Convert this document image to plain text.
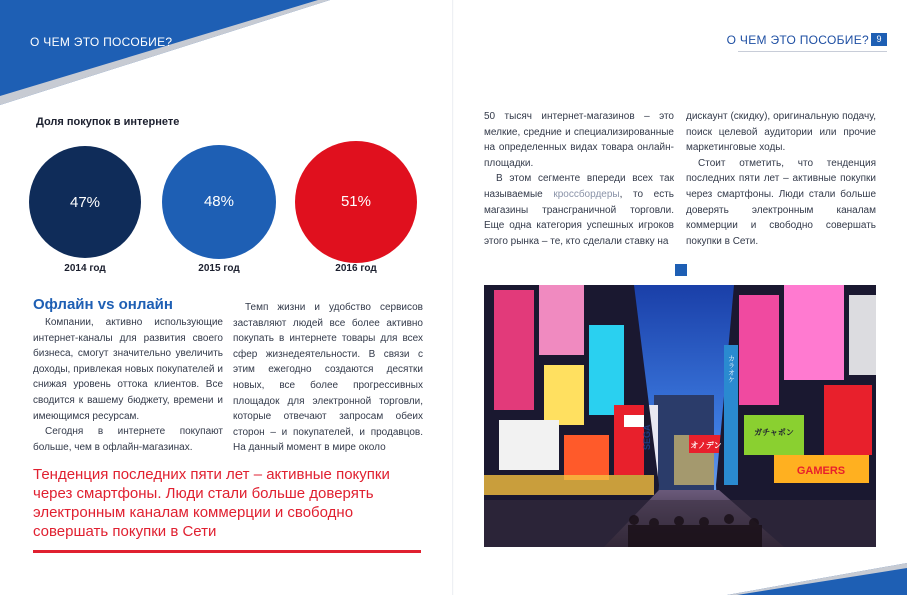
О ЧЕМ ЭТО ПОСОБИЕ?
Доля покупок в интернете
47%
2014 год
48%
2015 год
51%
2016 год
Офлайн vs онлайн

Компании, активно использующие интернет-каналы для развития своего бизнеса, смогут значительно увеличить доходы, привлекая новых покупателей и снижая уровень оттока клиентов. Все сводится к вашему бюджету, времени и имеющимся ресурсам.

Сегодня в интернете покупают больше, чем в офлайн-магазинах.

Темп жизни и удобство сервисов заставляют людей все более активно покупать в интернете товары для всех сфер жизнедеятельности. В связи с этим ежегодно создаются десятки новых, все более прогрессивных площадок для электронной торговли, которые отвечают запросам обеих сторон – и покупателей, и продавцов. На данный момент в мире около

Тенденция последних пяти лет – активные покупки через смартфоны. Люди стали больше доверять электронным каналам коммерции и свободно совершать покупки в Сети
О ЧЕМ ЭТО ПОСОБИЕ? 9

50 тысяч интернет-магазинов – это мелкие, средние и специализированные на определенных видах товара онлайн-площадки.

В этом сегменте впереди всех так называемые кроссбордеры, то есть магазины трансграничной торговли. Еще одна категория успешных игроков этого рынка – те, кто сделали ставку на

дискаунт (скидку), оригинальную подачу, поиск целевой аудитории или прочие маркетинговые ходы.

Стоит отметить, что тенденция последних пяти лет – активные покупки через смартфоны. Люди стали больше доверять электронным каналам коммерции и свободно совершать покупки в Сети.

SEGA	オノデン
GAMERS
ガチャポン
カラオケ
